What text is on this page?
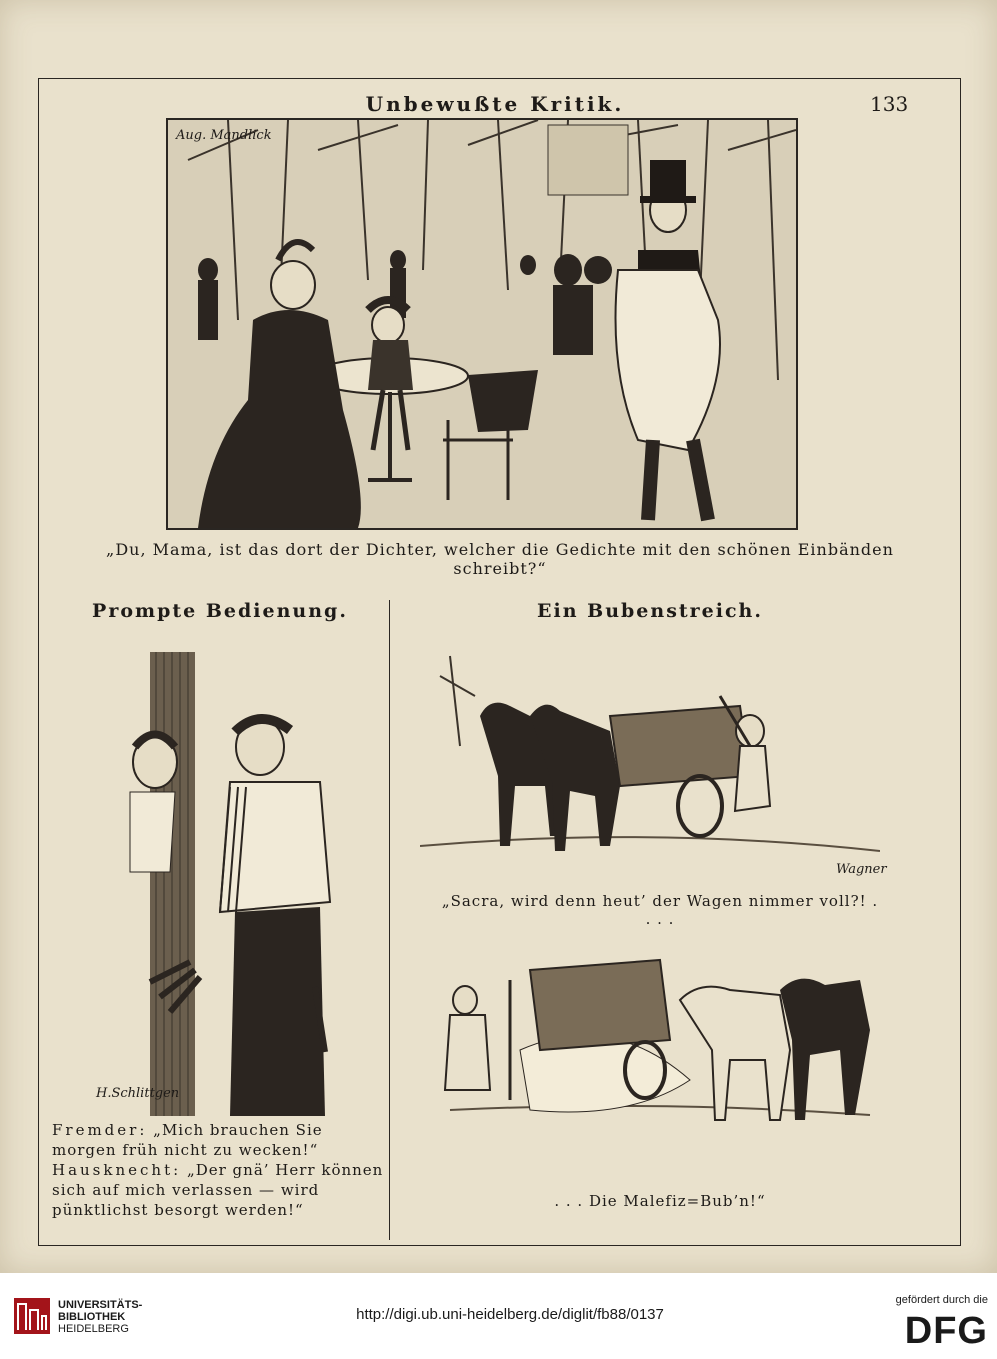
Unbewußte Kritik.	133
Aug. Mandlick
„Du, Mama, ist das dort der Dichter, welcher die Gedichte mit den schönen Einbänden schreibt?“
Prompte Bedienung.	Ein Bubenstreich.
H.Schlittgen

Fremder: „Mich brauchen Sie morgen früh nicht zu wecken!“

Hausknecht: „Der gnä’ Herr können sich auf mich verlassen — wird pünktlichst besorgt werden!“

„Sacra, wird denn heut’ der Wagen nimmer voll?! . . . .
Wagner
. . . Die Malefiz=Bub’n!“
UNIVERSITÄTS-
BIBLIOTHEK
HEIDELBERG
http://digi.ub.uni-heidelberg.de/diglit/fb88/0137
gefördert durch die
DFG
